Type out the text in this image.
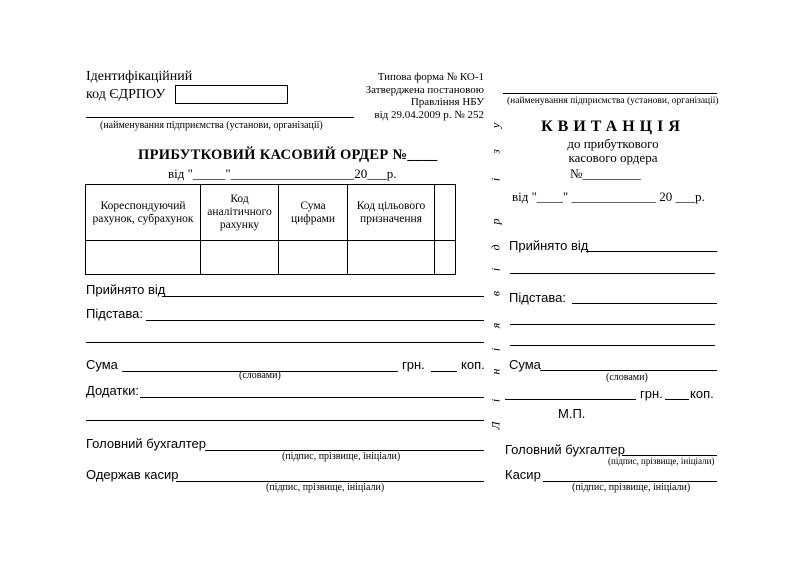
Ідентифікаційний
код ЄДРПОУ
Типова форма № КО-1
Затверджена постановою
Правління НБУ
від 29.04.2009 р. № 252
(найменування підприємства (установи, організації)
ПРИБУТКОВИЙ КАСОВИЙ ОРДЕР №____
від "_____"___________________20___р.
Кореспондуючий рахунок, субрахунок	Код аналітичного рахунку	Сума цифрами	Код цільового призначення	

Прийнято від
Підстава:
Сума
(словами)
грн.	коп.
Додатки:
Головний бухгалтер
(підпис, прізвище, ініціали)
Одержав касир
(підпис, прізвище, ініціали)
Л
і
н
і
я
в
і
д
р
і
з
у
(найменування підприємства (установи, організації)
КВИТАНЦІЯ
до прибуткового
касового ордера
№_________
від "____" _____________ 20 ___р.
Прийнято від
Підстава:
Сума
(словами)
грн. коп.
М.П.
Головний бухгалтер
(підпис, прізвище, ініціали)
Касир
(підпис, прізвище, ініціали)
